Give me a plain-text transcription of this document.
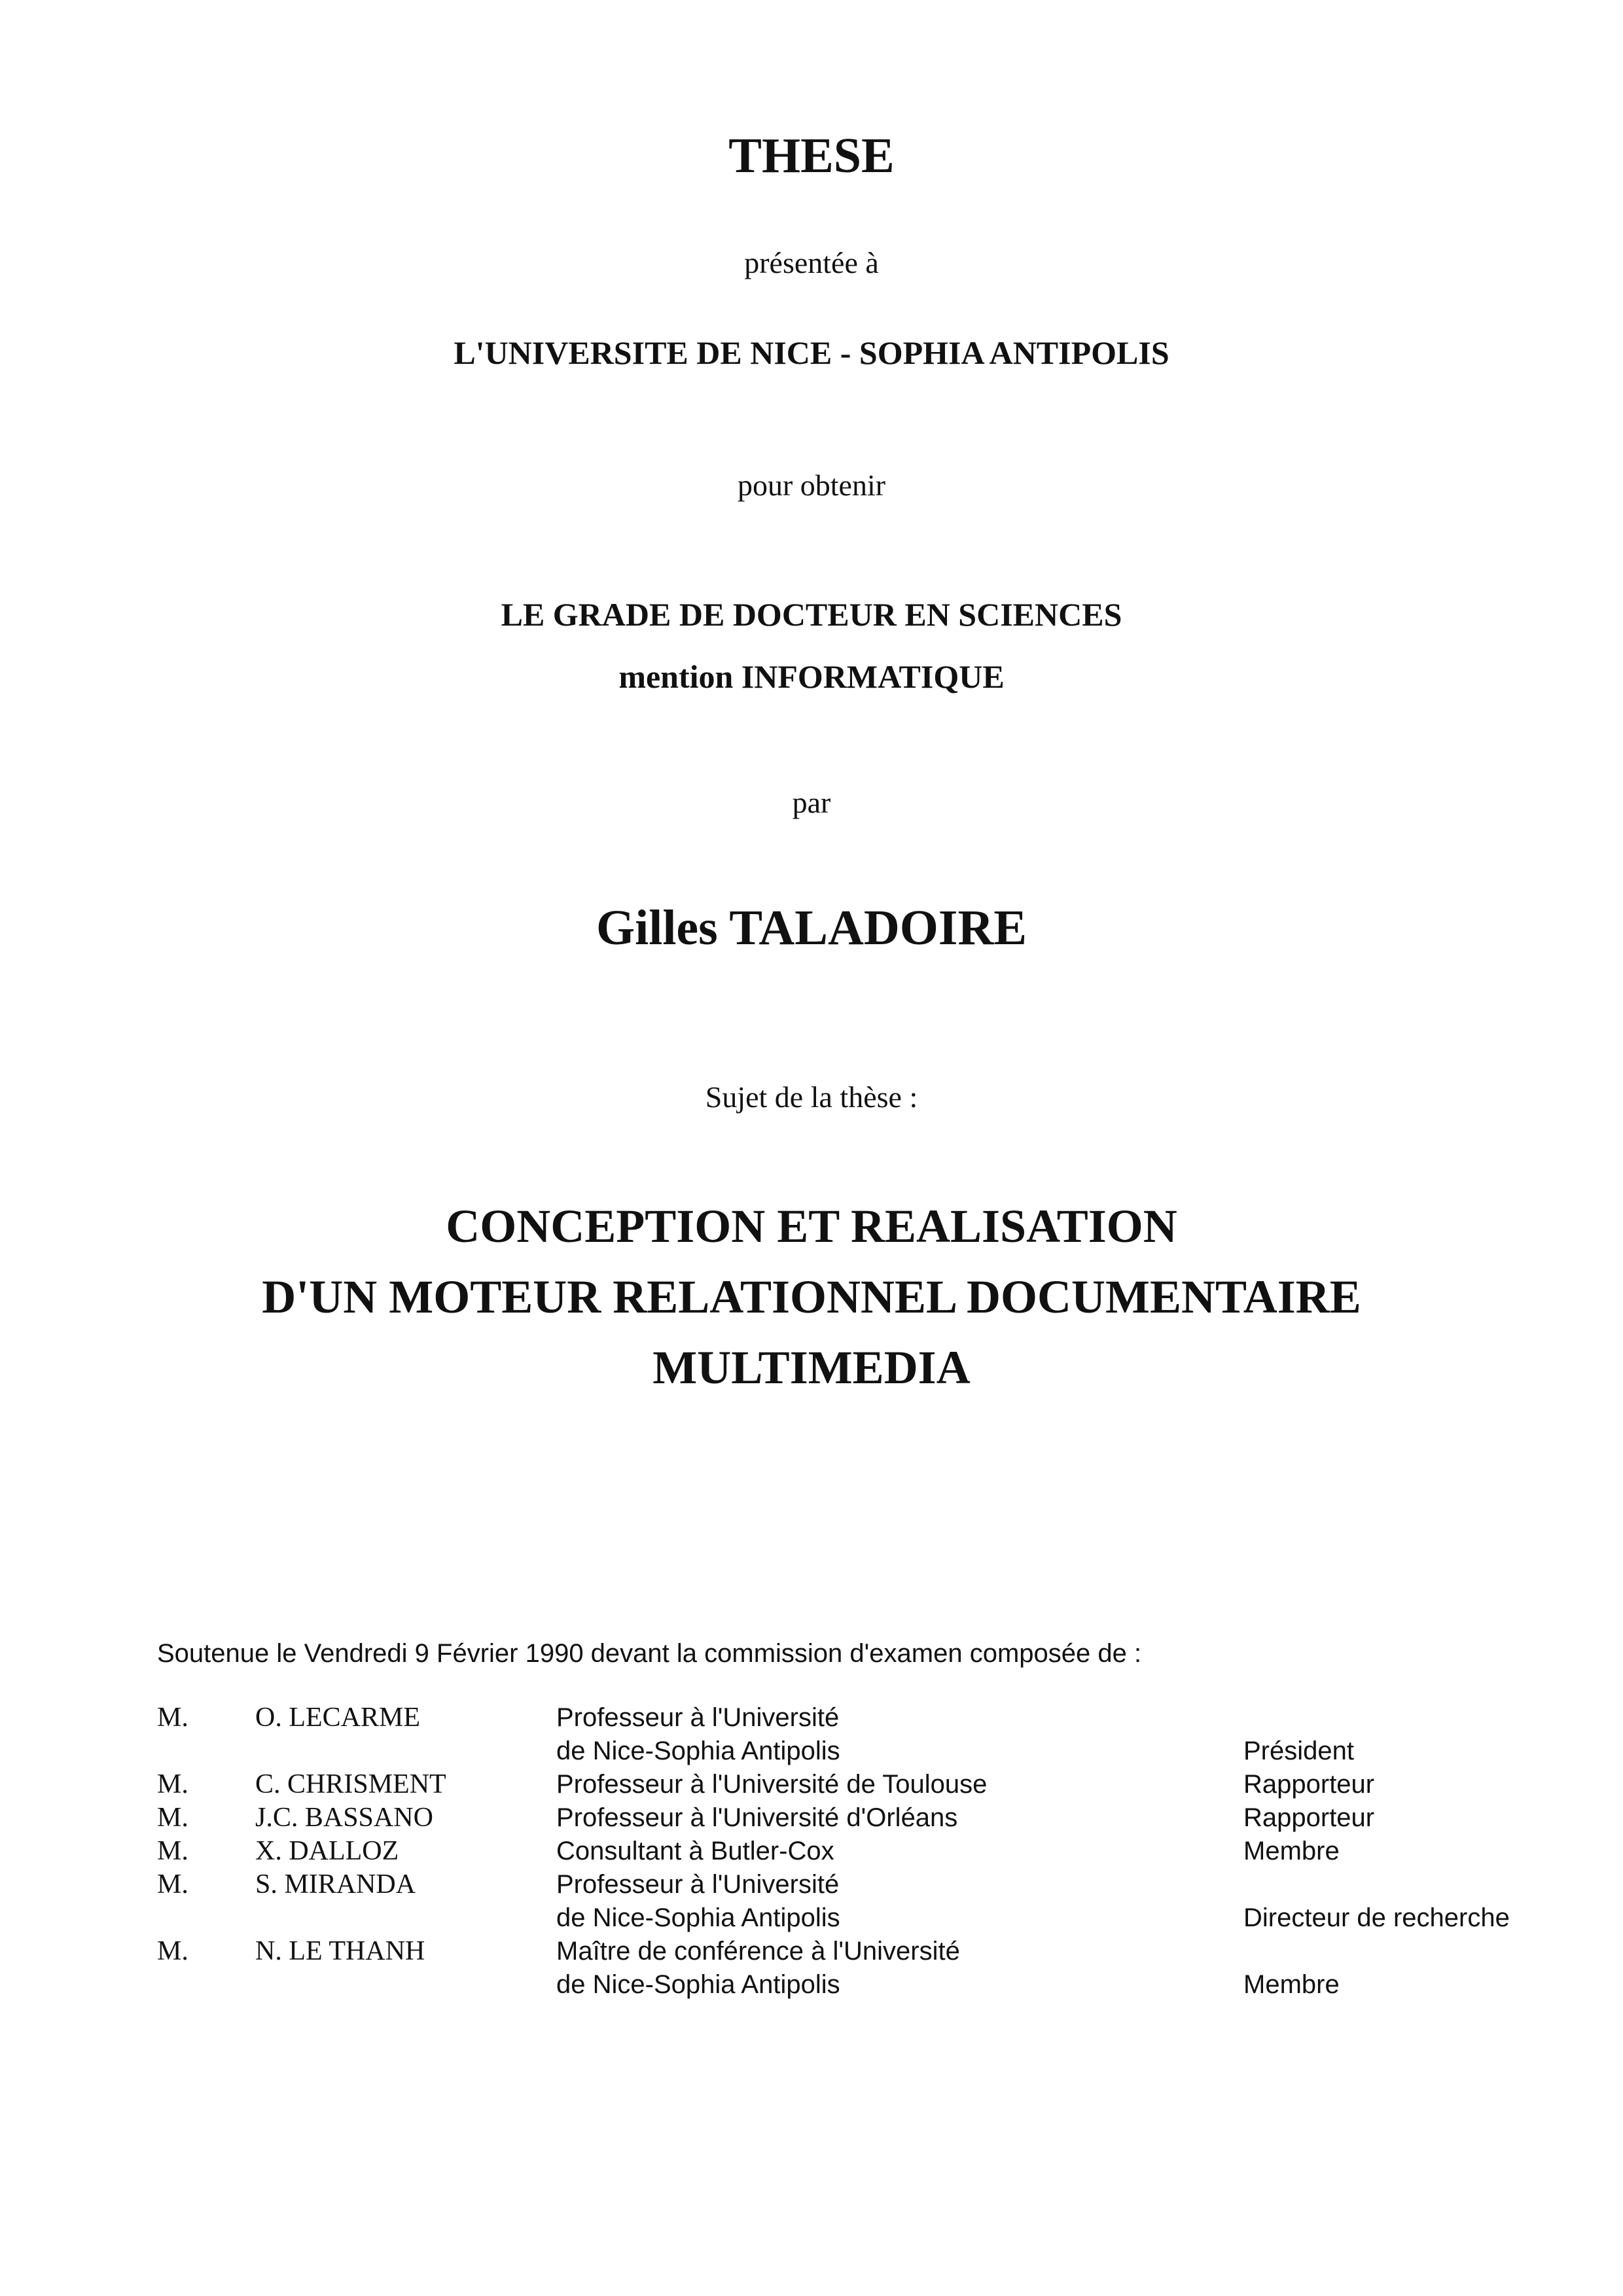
THESE
présentée à
L'UNIVERSITE DE NICE - SOPHIA ANTIPOLIS
pour obtenir
LE GRADE DE DOCTEUR EN SCIENCES
mention INFORMATIQUE
par
Gilles TALADOIRE
Sujet de la thèse :
CONCEPTION ET REALISATION
D'UN MOTEUR RELATIONNEL DOCUMENTAIRE
MULTIMEDIA
Soutenue le Vendredi 9 Février 1990 devant la commission d'examen composée de :
M. O. LECARME	Professeur à l'Université
de Nice-Sophia Antipolis	Président
M. C. CHRISMENT	Professeur à l'Université de Toulouse	Rapporteur
M. J.C. BASSANO	Professeur à l'Université d'Orléans	Rapporteur
M. X. DALLOZ	Consultant à Butler-Cox	Membre
M. S. MIRANDA	Professeur à l'Université
de Nice-Sophia Antipolis	Directeur de recherche
M. N. LE THANH	Maître de conférence à l'Université
de Nice-Sophia Antipolis	Membre
